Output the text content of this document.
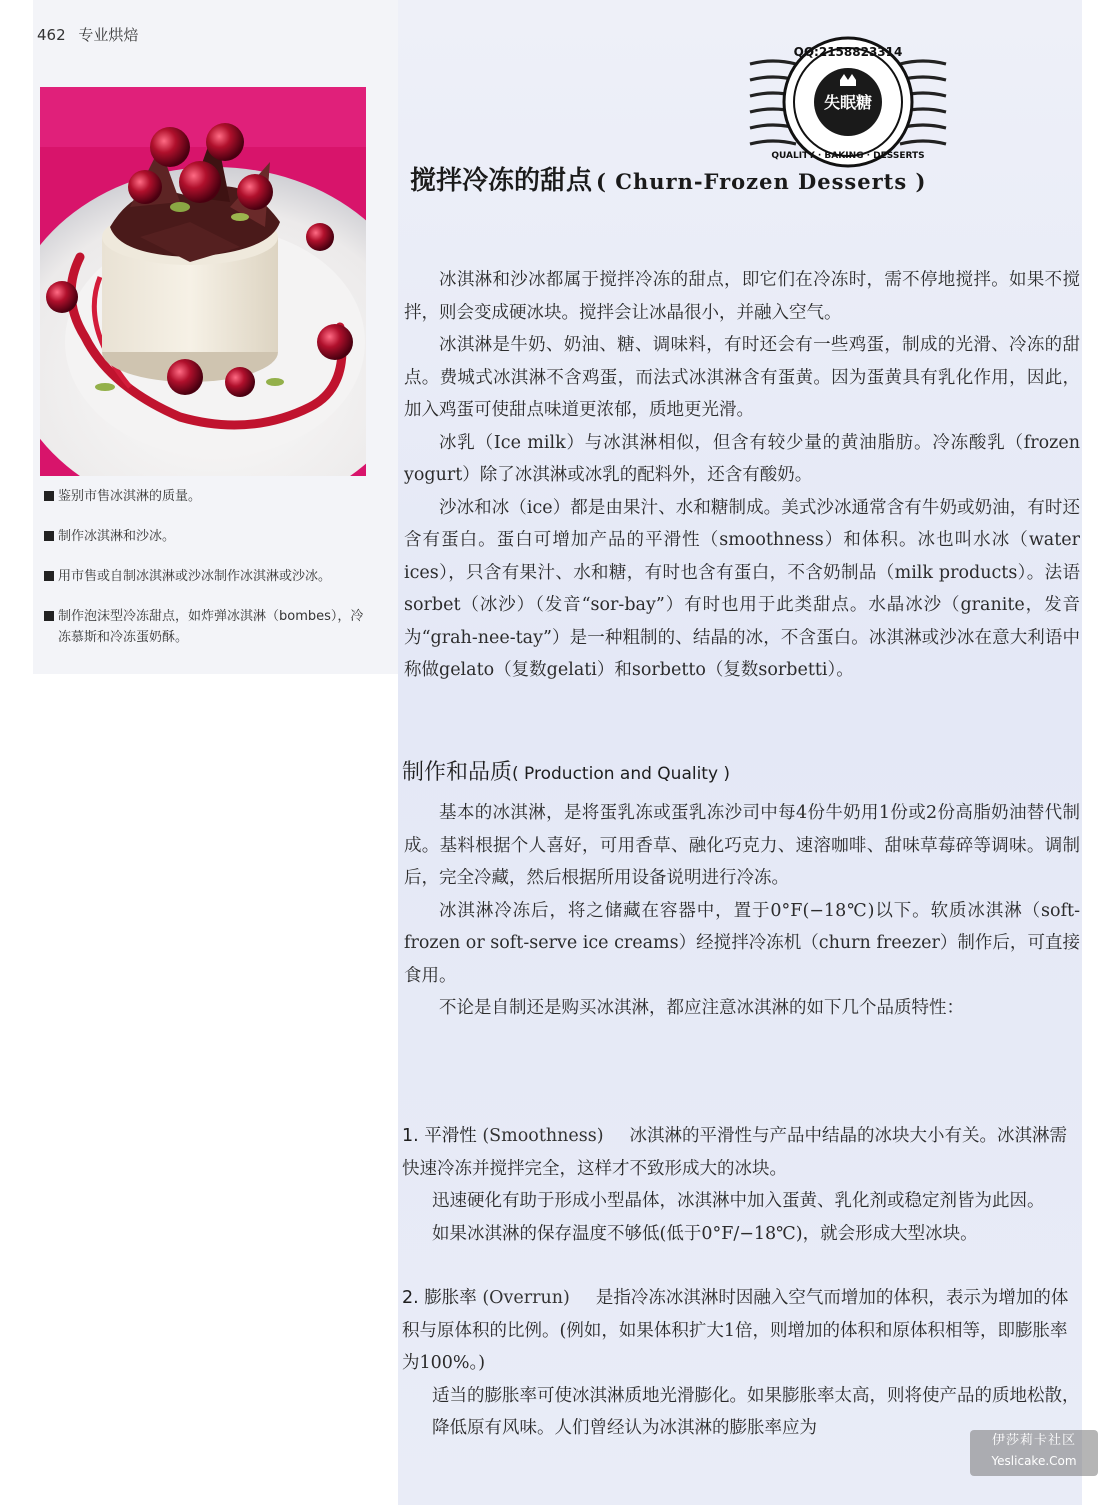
462 专业烘焙
鉴别市售冰淇淋的质量。
制作冰淇淋和沙冰。
用市售或自制冰淇淋或沙冰制作冰淇淋或沙冰。
制作泡沫型冷冻甜点，如炸弹冰淇淋（bombes），冷冻慕斯和冷冻蛋奶酥。
QQ:2158823314
失眠糖
QUALITY · BAKING · DESSERTS
搅拌冷冻的甜点 ( Churn-Frozen Desserts )

冰淇淋和沙冰都属于搅拌冷冻的甜点，即它们在冷冻时，需不停地搅拌。如果不搅拌，则会变成硬冰块。搅拌会让冰晶很小，并融入空气。

冰淇淋是牛奶、奶油、糖、调味料，有时还会有一些鸡蛋，制成的光滑、冷冻的甜点。费城式冰淇淋不含鸡蛋，而法式冰淇淋含有蛋黄。因为蛋黄具有乳化作用，因此，加入鸡蛋可使甜点味道更浓郁，质地更光滑。

冰乳（Ice milk）与冰淇淋相似，但含有较少量的黄油脂肪。冷冻酸乳（frozen yogurt）除了冰淇淋或冰乳的配料外，还含有酸奶。

沙冰和冰（ice）都是由果汁、水和糖制成。美式沙冰通常含有牛奶或奶油，有时还含有蛋白。蛋白可增加产品的平滑性（smoothness）和体积。冰也叫水冰（water ices），只含有果汁、水和糖，有时也含有蛋白，不含奶制品（milk products）。法语sorbet（冰沙）（发音“sor-bay”）有时也用于此类甜点。水晶冰沙（granite，发音为“grah-nee-tay”）是一种粗制的、结晶的冰，不含蛋白。冰淇淋或沙冰在意大利语中称做gelato（复数gelati）和sorbetto（复数sorbetti）。

制作和品质( Production and Quality )

基本的冰淇淋，是将蛋乳冻或蛋乳冻沙司中每4份牛奶用1份或2份高脂奶油替代制成。基料根据个人喜好，可用香草、融化巧克力、速溶咖啡、甜味草莓碎等调味。调制后，完全冷藏，然后根据所用设备说明进行冷冻。

冰淇淋冷冻后，将之储藏在容器中，置于0°F(−18℃)以下。软质冰淇淋（soft-frozen or soft-serve ice creams）经搅拌冷冻机（churn freezer）制作后，可直接食用。

不论是自制还是购买冰淇淋，都应注意冰淇淋的如下几个品质特性：

1. 平滑性 (Smoothness) 冰淇淋的平滑性与产品中结晶的冰块大小有关。冰淇淋需快速冷冻并搅拌完全，这样才不致形成大的冰块。
迅速硬化有助于形成小型晶体，冰淇淋中加入蛋黄、乳化剂或稳定剂皆为此因。
如果冰淇淋的保存温度不够低(低于0°F/−18℃)，就会形成大型冰块。
2. 膨胀率 (Overrun) 是指冷冻冰淇淋时因融入空气而增加的体积，表示为增加的体积与原体积的比例。(例如，如果体积扩大1倍，则增加的体积和原体积相等，即膨胀率为100%。)
适当的膨胀率可使冰淇淋质地光滑膨化。如果膨胀率太高，则将使产品的质地松散，降低原有风味。人们曾经认为冰淇淋的膨胀率应为
伊莎莉卡社区
Yeslicake.Com
